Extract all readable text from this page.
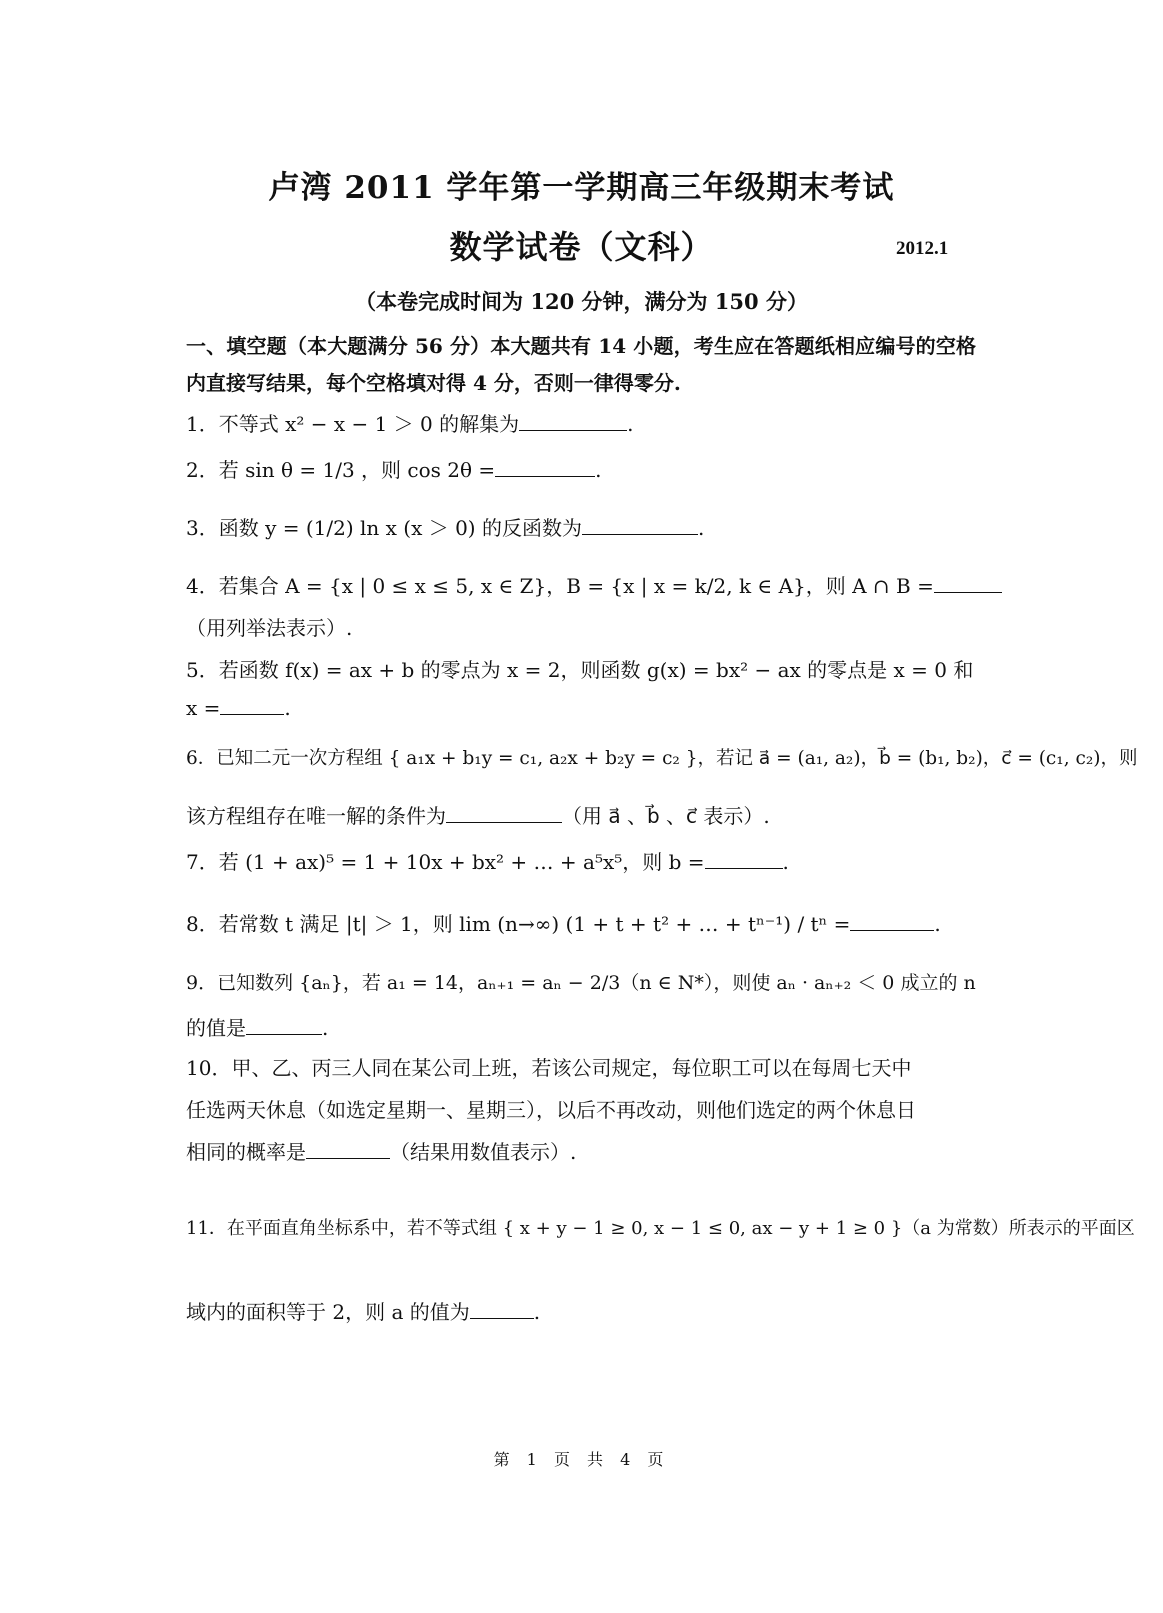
卢湾 2011 学年第一学期高三年级期末考试
数学试卷（文科）	2012.1
（本卷完成时间为 120 分钟，满分为 150 分）
一、填空题（本大题满分 56 分）本大题共有 14 小题，考生应在答题纸相应编号的空格内直接写结果，每个空格填对得 4 分，否则一律得零分.
1．不等式 x² − x − 1 ＞ 0 的解集为	.
2．若 sin θ = 1/3 ，则 cos 2θ =	.
3．函数 y = (1/2) ln x (x ＞ 0) 的反函数为	.
4．若集合 A = {x | 0 ≤ x ≤ 5, x ∈ Z}，B = {x | x = k/2, k ∈ A}，则 A ∩ B =
（用列举法表示）.
5．若函数 f(x) = ax + b 的零点为 x = 2，则函数 g(x) = bx² − ax 的零点是 x = 0 和
x =	.
6．已知二元一次方程组 { a₁x + b₁y = c₁, a₂x + b₂y = c₂ }，若记 a⃗ = (a₁, a₂)，b⃗ = (b₁, b₂)，c⃗ = (c₁, c₂)，则
该方程组存在唯一解的条件为	（用 a⃗ 、b⃗ 、c⃗ 表示）.
7．若 (1 + ax)⁵ = 1 + 10x + bx² + … + a⁵x⁵，则 b =	.
8．若常数 t 满足 |t| ＞ 1，则 lim (n→∞) (1 + t + t² + … + tⁿ⁻¹) / tⁿ =	.
9．已知数列 {aₙ}，若 a₁ = 14，aₙ₊₁ = aₙ − 2/3（n ∈ N*），则使 aₙ · aₙ₊₂ ＜ 0 成立的 n
的值是	.
10．甲、乙、丙三人同在某公司上班，若该公司规定，每位职工可以在每周七天中
任选两天休息（如选定星期一、星期三），以后不再改动，则他们选定的两个休息日
相同的概率是	（结果用数值表示）.
11．在平面直角坐标系中，若不等式组 { x + y − 1 ≥ 0, x − 1 ≤ 0, ax − y + 1 ≥ 0 }（a 为常数）所表示的平面区
域内的面积等于 2，则 a 的值为	.
第 1 页 共 4 页
